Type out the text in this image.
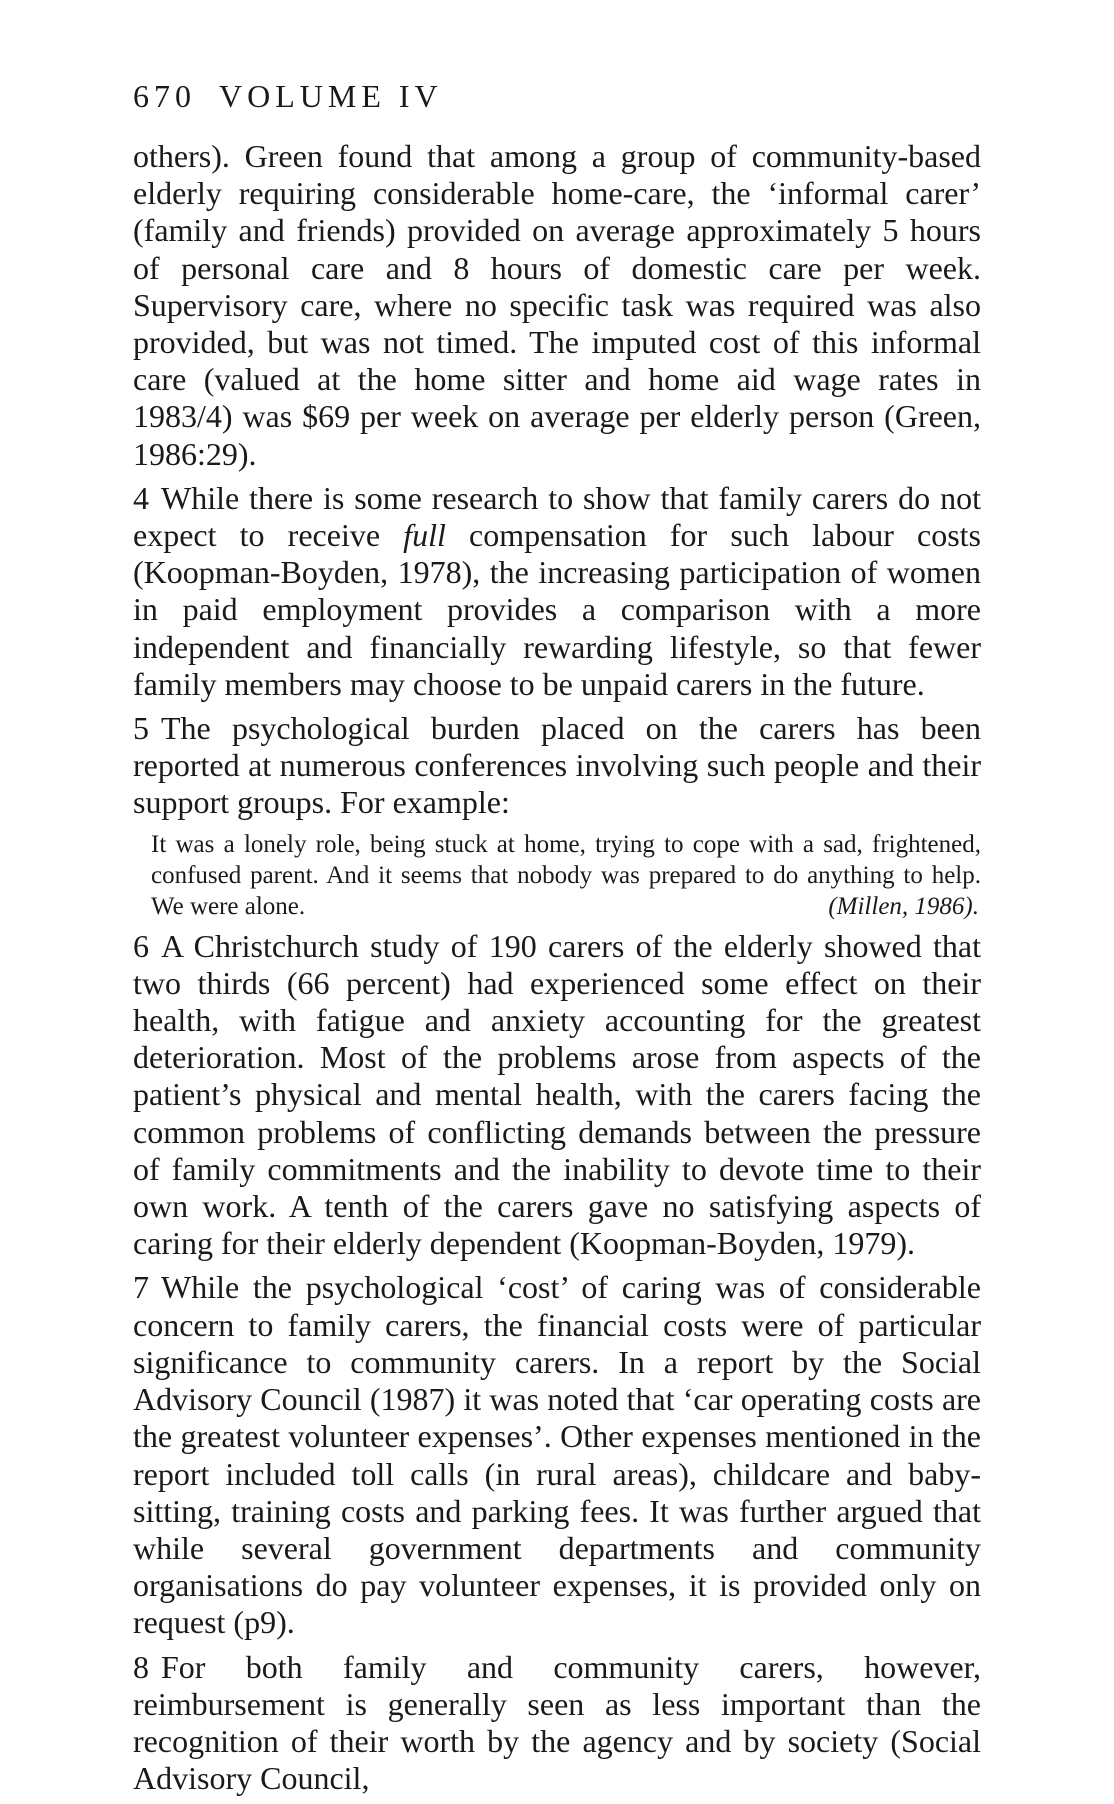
670 VOLUME IV

others). Green found that among a group of community-based elderly requiring considerable home-care, the ‘informal carer’ (family and friends) provided on average approximately 5 hours of personal care and 8 hours of domestic care per week. Supervisory care, where no specific task was required was also provided, but was not timed. The imputed cost of this informal care (valued at the home sitter and home aid wage rates in 1983/4) was $69 per week on average per elderly person (Green, 1986:29).

4 While there is some research to show that family carers do not expect to receive full compensation for such labour costs (Koopman-Boyden, 1978), the increasing participation of women in paid employment provides a comparison with a more independent and financially rewarding lifestyle, so that fewer family members may choose to be unpaid carers in the future.

5 The psychological burden placed on the carers has been reported at numerous conferences involving such people and their support groups. For example:

It was a lonely role, being stuck at home, trying to cope with a sad, frightened, confused parent. And it seems that nobody was prepared to do anything to help. We were alone.	(Millen, 1986).

6 A Christchurch study of 190 carers of the elderly showed that two thirds (66 percent) had experienced some effect on their health, with fatigue and anxiety accounting for the greatest deterioration. Most of the problems arose from aspects of the patient’s physical and mental health, with the carers facing the common problems of conflicting demands between the pressure of family commitments and the inability to devote time to their own work. A tenth of the carers gave no satisfying aspects of caring for their elderly dependent (Koopman-Boyden, 1979).

7 While the psychological ‘cost’ of caring was of considerable concern to family carers, the financial costs were of particular significance to community carers. In a report by the Social Advisory Council (1987) it was noted that ‘car operating costs are the greatest volunteer expenses’. Other expenses mentioned in the report included toll calls (in rural areas), childcare and baby-sitting, training costs and parking fees. It was further argued that while several government departments and community organisations do pay volunteer expenses, it is provided only on request (p9).

8 For both family and community carers, however, reimbursement is generally seen as less important than the recognition of their worth by the agency and by society (Social Advisory Council,
